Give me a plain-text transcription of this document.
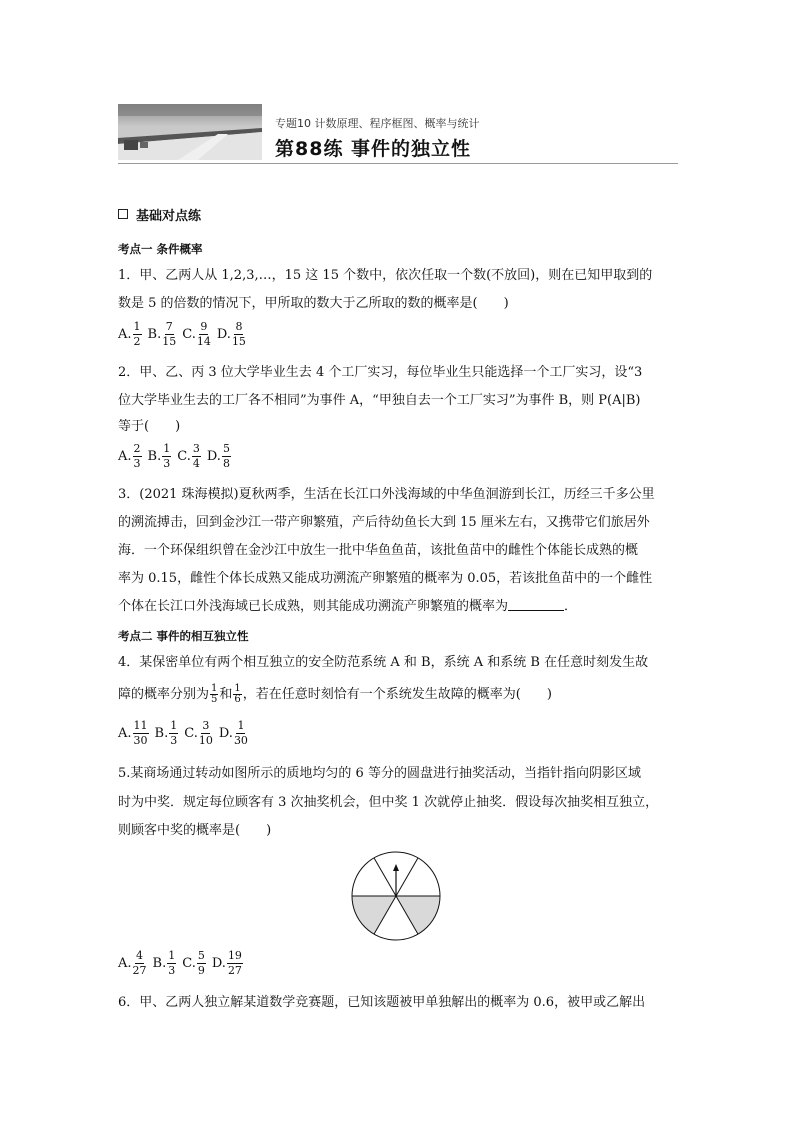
专题10 计数原理、程序框图、概率与统计
第88练 事件的独立性
基础对点练
考点一 条件概率
1．甲、乙两人从 1,2,3,…，15 这 15 个数中，依次任取一个数(不放回)，则在已知甲取到的
数是 5 的倍数的情况下，甲所取的数大于乙所取的数的概率是(　　)
A. $\frac{1}{2} B$. $\frac{7}{15} C$. $\frac{9}{14} D$. $\frac{8}{15}$
2．甲、乙、丙 3 位大学毕业生去 4 个工厂实习，每位毕业生只能选择一个工厂实习，设“3
位大学毕业生去的工厂各不相同”为事件 A，“甲独自去一个工厂实习”为事件 B，则 P(A|B)
等于(　　)
A. $\frac{2}{3} B$. $\frac{1}{3} C$. $\frac{3}{4} D$. $\frac{5}{8}$
3．(2021 珠海模拟)夏秋两季，生活在长江口外浅海域的中华鱼洄游到长江，历经三千多公里
的溯流搏击，回到金沙江一带产卵繁殖，产后待幼鱼长大到 15 厘米左右，又携带它们旅居外
海．一个环保组织曾在金沙江中放生一批中华鱼鱼苗，该批鱼苗中的雌性个体能长成熟的概
率为 0.15，雌性个体长成熟又能成功溯流产卵繁殖的概率为 0.05，若该批鱼苗中的一个雌性
个体在长江口外浅海域已长成熟，则其能成功溯流产卵繁殖的概率为	．
考点二 事件的相互独立性
4．某保密单位有两个相互独立的安全防范系统 A 和 B，系统 A 和系统 B 在任意时刻发生故
障的概率分别为 $\frac{1}{5}$ 和 $\frac{1}{6}$ ，若在任意时刻恰有一个系统发生故障的概率为(　　)
A. $\frac{11}{30} B$. $\frac{1}{3} C$. $\frac{3}{10} D$. $\frac{1}{30}$
5.某商场通过转动如图所示的质地均匀的 6 等分的圆盘进行抽奖活动，当指针指向阴影区域
时为中奖．规定每位顾客有 3 次抽奖机会，但中奖 1 次就停止抽奖．假设每次抽奖相互独立，
则顾客中奖的概率是(　　)
A. $\frac{4}{27} B$. $\frac{1}{3} C$. $\frac{5}{9} D$. $\frac{19}{27}$
6．甲、乙两人独立解某道数学竞赛题，已知该题被甲单独解出的概率为 0.6，被甲或乙解出
